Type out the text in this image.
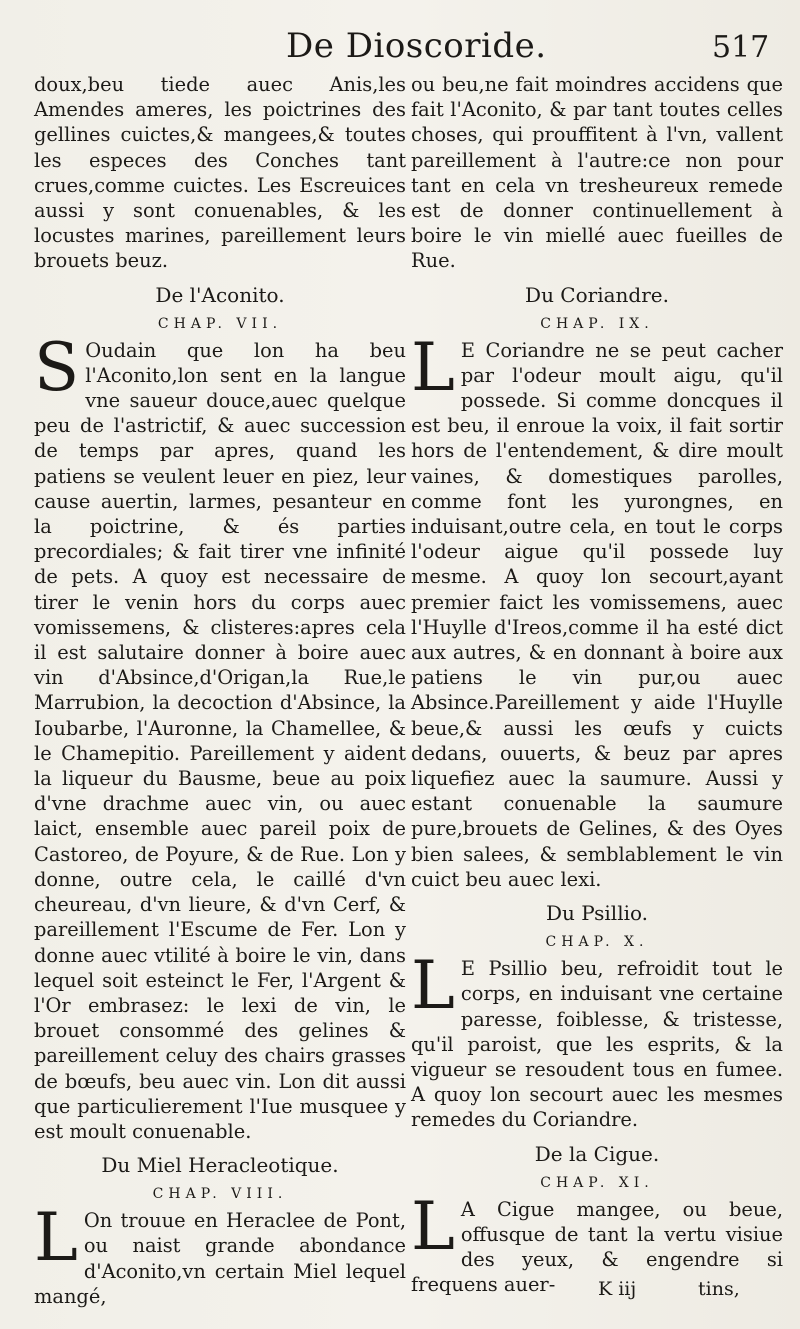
De Dioscoride.	517

doux,beu tiede auec Anis,les Amendes ameres, les poictrines des gellines cuictes,& mangees,& toutes les especes des Conches tant crues,comme cuictes. Les Escreuices aussi y sont conuenables, & les locustes marines, pareillement leurs brouets beuz.

De l'Aconito.
CHAP. VII.

S Oudain que lon ha beu l'Aconito,lon sent en la langue vne saueur douce,auec quelque peu de l'astrictif, & auec succession de temps par apres, quand les patiens se veulent leuer en piez, leur cause auertin, larmes, pesanteur en la poictrine, & és parties precordiales; & fait tirer vne infinité de pets. A quoy est necessaire de tirer le venin hors du corps auec vomissemens, & clisteres:apres cela il est salutaire donner à boire auec vin d'Absince,d'Origan,la Rue,le Marrubion, la decoction d'Absince, la Ioubarbe, l'Auronne, la Chamellee, & le Chamepitio. Pareillement y aident la liqueur du Bausme, beue au poix d'vne drachme auec vin, ou auec laict, ensemble auec pareil poix de Castoreo, de Poyure, & de Rue. Lon y donne, outre cela, le caillé d'vn cheureau, d'vn lieure, & d'vn Cerf, & pareillement l'Escume de Fer. Lon y donne auec vtilité à boire le vin, dans lequel soit esteinct le Fer, l'Argent & l'Or embrasez: le lexi de vin, le brouet consommé des gelines & pareillement celuy des chairs grasses de bœufs, beu auec vin. Lon dit aussi que particulierement l'Iue musquee y est moult conuenable.

Du Miel Heracleotique.
CHAP. VIII.

L On trouue en Heraclee de Pont, ou naist grande abondance d'Aconito,vn certain Miel lequel mangé,

ou beu,ne fait moindres accidens que fait l'Aconito, & par tant toutes celles choses, qui prouffitent à l'vn, vallent pareillement à l'autre:ce non pour tant en cela vn tresheureux remede est de donner continuellement à boire le vin miellé auec fueilles de Rue.

Du Coriandre.
CHAP. IX.

L E Coriandre ne se peut cacher par l'odeur moult aigu, qu'il possede. Si comme doncques il est beu, il enroue la voix, il fait sortir hors de l'entendement, & dire moult vaines, & domestiques parolles, comme font les yurongnes, en induisant,outre cela, en tout le corps l'odeur aigue qu'il possede luy mesme. A quoy lon secourt,ayant premier faict les vomissemens, auec l'Huylle d'Ireos,comme il ha esté dict aux autres, & en donnant à boire aux patiens le vin pur,ou auec Absince.Pareillement y aide l'Huylle beue,& aussi les œufs y cuicts dedans, ouuerts, & beuz par apres liquefiez auec la saumure. Aussi y estant conuenable la saumure pure,brouets de Gelines, & des Oyes bien salees, & semblablement le vin cuict beu auec lexi.

Du Psillio.
CHAP. X.

L E Psillio beu, refroidit tout le corps, en induisant vne certaine paresse, foiblesse, & tristesse, qu'il paroist, que les esprits, & la vigueur se resoudent tous en fumee. A quoy lon secourt auec les mesmes remedes du Coriandre.

De la Cigue.
CHAP. XI.

L A Cigue mangee, ou beue, offusque de tant la vertu visiue des yeux, & engendre si frequens auer-	K iij	tins,
